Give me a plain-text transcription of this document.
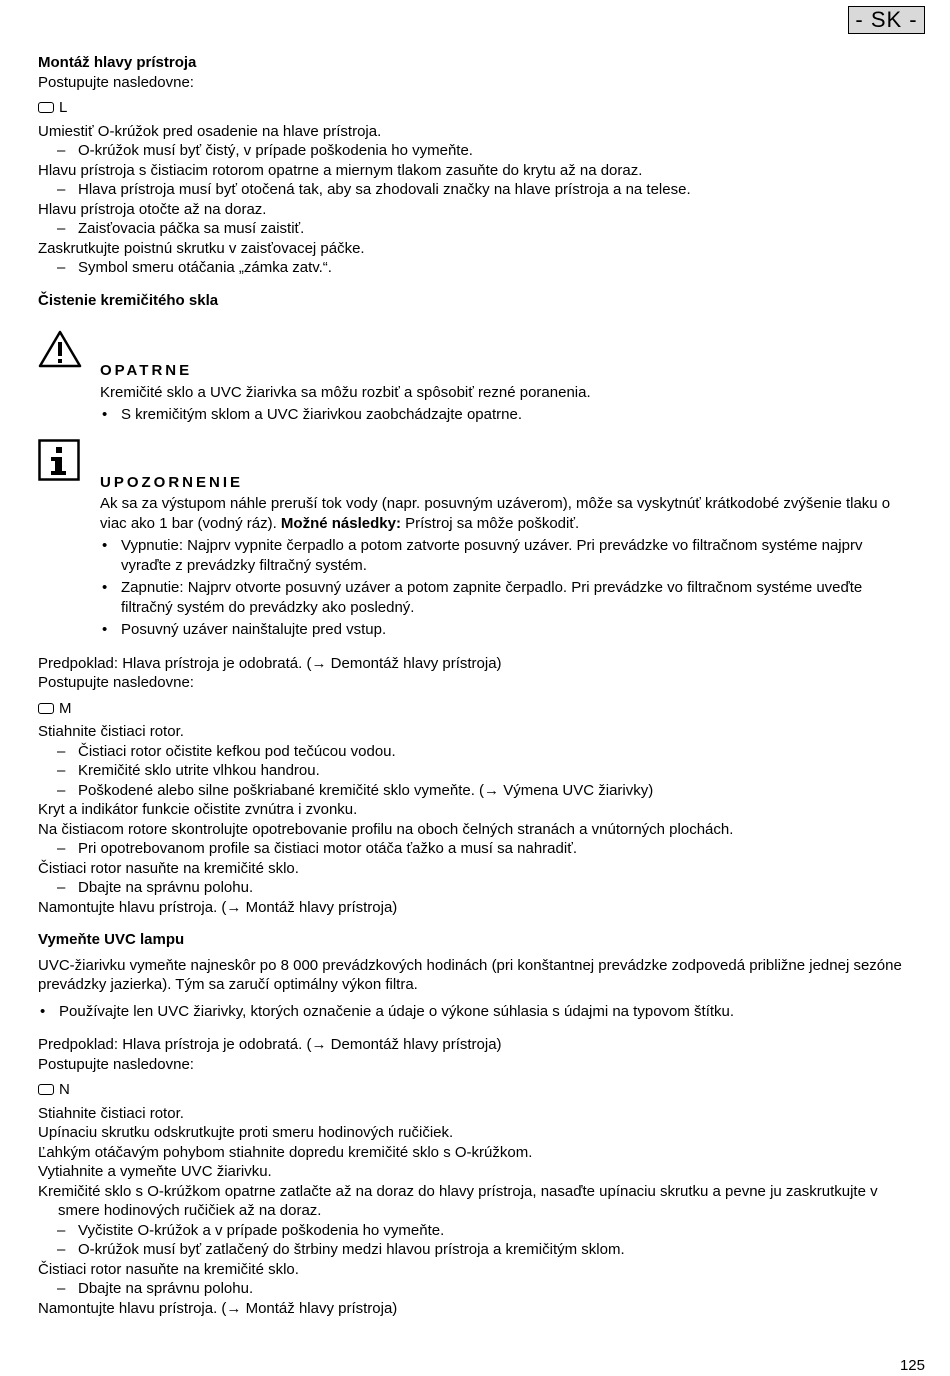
- SK -
Montáž hlavy prístroja

Postupujte nasledovne:

L

Umiestiť O-krúžok pred osadenie na hlave prístroja.

– O-krúžok musí byť čistý, v prípade poškodenia ho vymeňte.

Hlavu prístroja s čistiacim rotorom opatrne a miernym tlakom zasuňte do krytu až na doraz.

– Hlava prístroja musí byť otočená tak, aby sa zhodovali značky na hlave prístroja a na telese.

Hlavu prístroja otočte až na doraz.

– Zaisťovacia páčka sa musí zaistiť.

Zaskrutkujte poistnú skrutku v zaisťovacej páčke.

– Symbol smeru otáčania „zámka zatv.“.

Čistenie kremičitého skla

OPATRNE

Kremičité sklo a UVC žiarivka sa môžu rozbiť a spôsobiť rezné poranenia.

• S kremičitým sklom a UVC žiarivkou zaobchádzajte opatrne.

UPOZORNENIE

Ak sa za výstupom náhle preruší tok vody (napr. posuvným uzáverom), môže sa vyskytnúť krátkodobé zvýšenie tlaku o viac ako 1 bar (vodný ráz). Možné následky: Prístroj sa môže poškodiť.

• Vypnutie: Najprv vypnite čerpadlo a potom zatvorte posuvný uzáver. Pri prevádzke vo filtračnom systéme najprv vyraďte z prevádzky filtračný systém.
• Zapnutie: Najprv otvorte posuvný uzáver a potom zapnite čerpadlo. Pri prevádzke vo filtračnom systéme uveďte filtračný systém do prevádzky ako posledný.
• Posuvný uzáver nainštalujte pred vstup.

Predpoklad: Hlava prístroja je odobratá. (→ Demontáž hlavy prístroja)

Postupujte nasledovne:

M

Stiahnite čistiaci rotor.

– Čistiaci rotor očistite kefkou pod tečúcou vodou.

– Kremičité sklo utrite vlhkou handrou.

– Poškodené alebo silne poškriabané kremičité sklo vymeňte. (→ Výmena UVC žiarivky)

Kryt a indikátor funkcie očistite zvnútra i zvonku.

Na čistiacom rotore skontrolujte opotrebovanie profilu na oboch čelných stranách a vnútorných plochách.

– Pri opotrebovanom profile sa čistiaci motor otáča ťažko a musí sa nahradiť.

Čistiaci rotor nasuňte na kremičité sklo.

– Dbajte na správnu polohu.

Namontujte hlavu prístroja. (→ Montáž hlavy prístroja)

Vymeňte UVC lampu

UVC-žiarivku vymeňte najneskôr po 8 000 prevádzkových hodinách (pri konštantnej prevádzke zodpovedá približne jednej sezóne prevádzky jazierka). Tým sa zaručí optimálny výkon filtra.

• Používajte len UVC žiarivky, ktorých označenie a údaje o výkone súhlasia s údajmi na typovom štítku.

Predpoklad: Hlava prístroja je odobratá. (→ Demontáž hlavy prístroja)

Postupujte nasledovne:

N

Stiahnite čistiaci rotor.

Upínaciu skrutku odskrutkujte proti smeru hodinových ručičiek.

Ľahkým otáčavým pohybom stiahnite dopredu kremičité sklo s O-krúžkom.

Vytiahnite a vymeňte UVC žiarivku.

Kremičité sklo s O-krúžkom opatrne zatlačte až na doraz do hlavy prístroja, nasaďte upínaciu skrutku a pevne ju zaskrutkujte v smere hodinových ručičiek až na doraz.

– Vyčistite O-krúžok a v prípade poškodenia ho vymeňte.

– O-krúžok musí byť zatlačený do štrbiny medzi hlavou prístroja a kremičitým sklom.

Čistiaci rotor nasuňte na kremičité sklo.

– Dbajte na správnu polohu.

Namontujte hlavu prístroja. (→ Montáž hlavy prístroja)

125
